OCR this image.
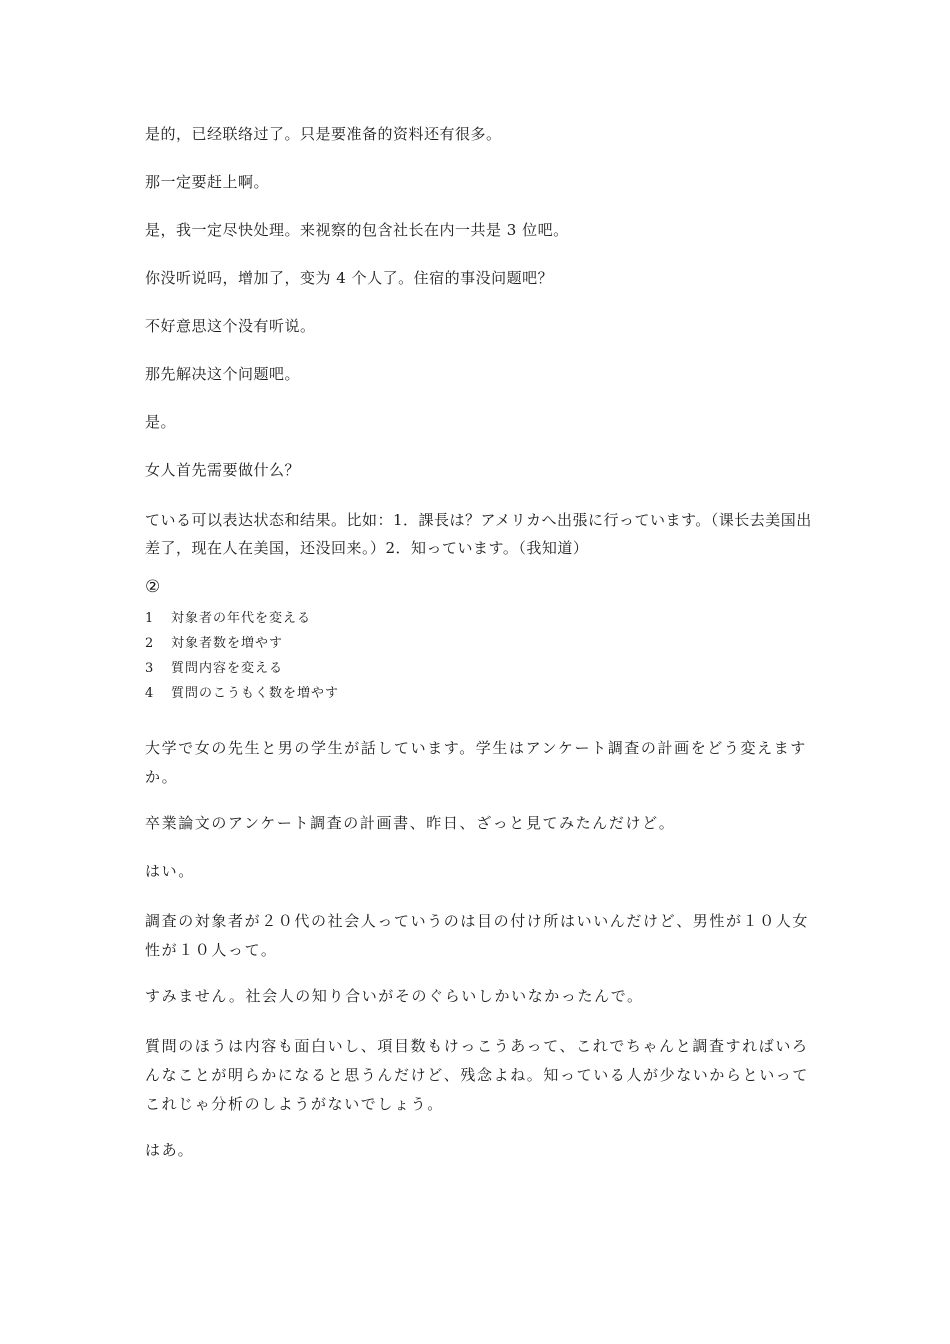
是的，已经联络过了。只是要准备的资料还有很多。
那一定要赶上啊。
是，我一定尽快处理。来视察的包含社长在内一共是 3 位吧。
你没听说吗，增加了，变为 4 个人了。住宿的事没问题吧？
不好意思这个没有听说。
那先解决这个问题吧。
是。
女人首先需要做什么？
ている可以表达状态和结果。比如：1．課長は？アメリカへ出張に行っています。（课长去美国出差了，现在人在美国，还没回来。）2．知っています。（我知道）
②
1 対象者の年代を変える
2 対象者数を増やす
3 質問内容を変える
4 質問のこうもく数を増やす
大学で女の先生と男の学生が話しています。学生はアンケート調査の計画をどう変えますか。
卒業論文のアンケート調査の計画書、昨日、ざっと見てみたんだけど。
はい。
調査の対象者が２０代の社会人っていうのは目の付け所はいいんだけど、男性が１０人女性が１０人って。
すみません。社会人の知り合いがそのぐらいしかいなかったんで。
質問のほうは内容も面白いし、項目数もけっこうあって、これでちゃんと調査すればいろんなことが明らかになると思うんだけど、残念よね。知っている人が少ないからといってこれじゃ分析のしようがないでしょう。
はあ。
